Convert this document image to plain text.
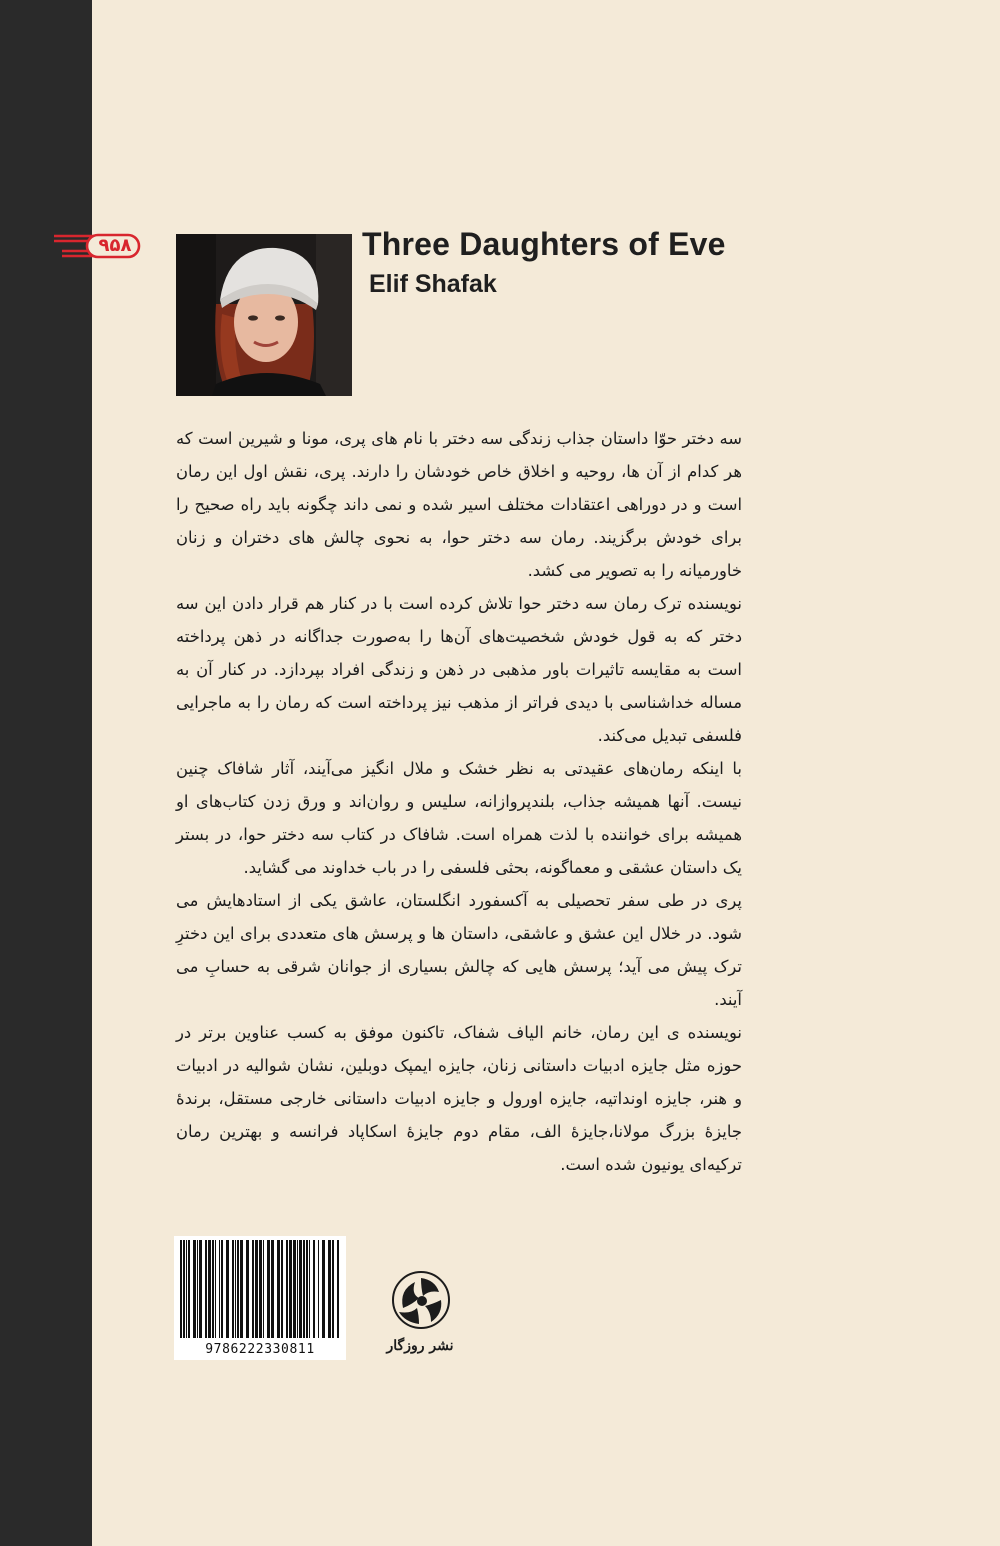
۹۵۸	Three Daughters of Eve
Elif Shafak

سه دختر حوّا داستان جذاب زندگی سه دختر با نام های پری، مونا و شیرین است که هر کدام از آن ها، روحیه و اخلاق خاص خودشان را دارند. پری، نقش اول این رمان است و در دوراهی اعتقادات مختلف اسیر شده و نمی داند چگونه باید راه صحیح را برای خودش برگزیند. رمان سه دختر حوا، به نحوی چالش های دختران و زنان خاورمیانه را به تصویر می کشد.

نویسنده ترک رمان سه دختر حوا تلاش کرده است با در کنار هم قرار دادن این سه دختر که به قول خودش شخصیت‌های آن‌ها را به‌صورت جداگانه در ذهن پرداخته است به مقایسه تاثیرات باور مذهبی در ذهن و زندگی افراد بپردازد. در کنار آن به مساله خداشناسی با دیدی فراتر از مذهب نیز پرداخته است که رمان را به ماجرایی فلسفی تبدیل می‌کند.

با اینکه رمان‌های عقیدتی به نظر خشک و ملال انگیز می‌آیند، آثار شافاک چنین نیست. آنها همیشه جذاب، بلندپروازانه، سلیس و روان‌اند و ورق زدن کتاب‌های او همیشه برای خواننده با لذت همراه است. شافاک در کتاب سه دختر حوا، در بستر یک داستان عشقی و معماگونه، بحثی فلسفی را در باب خداوند می گشاید.

پری در طی سفر تحصیلی به آکسفورد انگلستان، عاشق یکی از استادهایش می شود. در خلال این عشق و عاشقی، داستان ها و پرسش های متعددی برای این دخترِ ترک پیش می آید؛ پرسش هایی که چالش بسیاری از جوانان شرقی به حسابِ می آیند.

نویسنده ی این رمان، خانم الیاف شفاک، تاکنون موفق به کسب عناوین برتر در حوزه مثل جایزه ادبیات داستانی زنان، جایزه ایمپک دوبلین، نشان شوالیه در ادبیات و هنر، جایزه اونداتیه، جایزه اورول و جایزه ادبیات داستانی خارجی مستقل، برندهٔ جایزهٔ بزرگ مولانا،جایزهٔ الف، مقام دوم جایزهٔ اسکاپاد فرانسه و بهترین رمان ترکیه‌ای یونیون شده است.

9786222330811	نشر روزگار
